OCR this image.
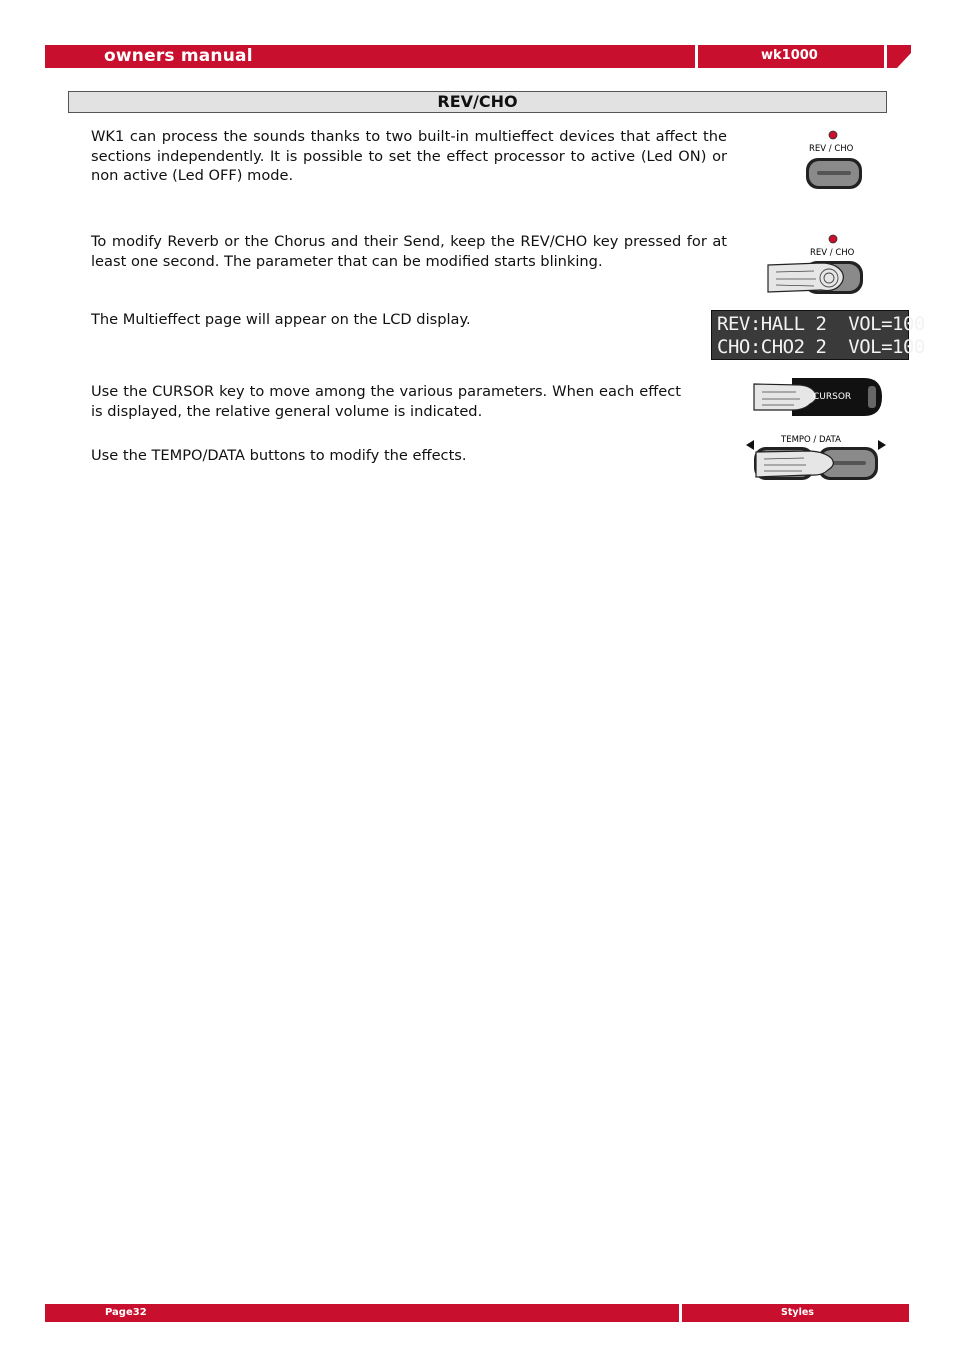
owners manual	wk1000
REV/CHO

WK1 can process the sounds thanks to two built-in multieffect devices that affect the sections independently. It is possible to set the effect processor to active (Led ON) or non active (Led OFF) mode.

To modify Reverb or the Chorus and their Send, keep the REV/CHO key pressed for at least one second. The parameter that can be modified starts blinking.

The Multieffect page will appear on the LCD display.

Use the CURSOR key to move among the various parameters. When each effect is displayed, the relative general volume is indicated.

Use the TEMPO/DATA buttons to modify the effects.

REV / CHO
REV / CHO
REV:HALL 2  VOL=100
CHO:CHO2 2  VOL=100
CURSOR
TEMPO / DATA
Page32	Styles
